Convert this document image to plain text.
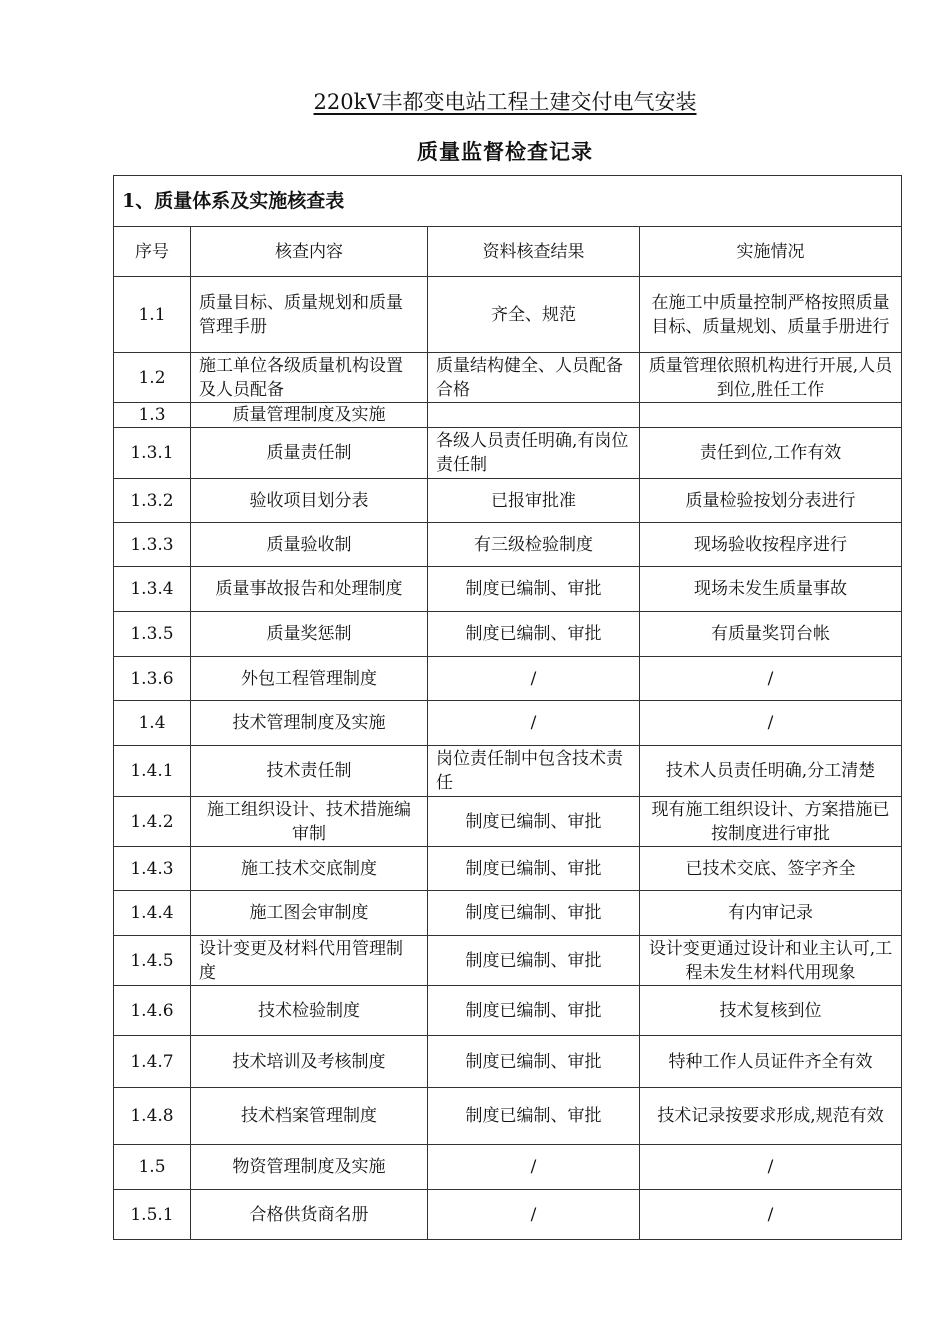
220kV丰都变电站工程土建交付电气安装
质量监督检查记录
1、质量体系及实施核查表			
序号	核查内容	资料核查结果	实施情况
1.1	质量目标、质量规划和质量管理手册	齐全、规范	在施工中质量控制严格按照质量目标、质量规划、质量手册进行
1.2	施工单位各级质量机构设置及人员配备	质量结构健全、人员配备合格	质量管理依照机构进行开展,人员到位,胜任工作
1.3	质量管理制度及实施		
1.3.1	质量责任制	各级人员责任明确,有岗位责任制	责任到位,工作有效
1.3.2	验收项目划分表	已报审批准	质量检验按划分表进行
1.3.3	质量验收制	有三级检验制度	现场验收按程序进行
1.3.4	质量事故报告和处理制度	制度已编制、审批	现场未发生质量事故
1.3.5	质量奖惩制	制度已编制、审批	有质量奖罚台帐
1.3.6	外包工程管理制度	/	/
1.4	技术管理制度及实施	/	/
1.4.1	技术责任制	岗位责任制中包含技术责任	技术人员责任明确,分工清楚
1.4.2	施工组织设计、技术措施编审制	制度已编制、审批	现有施工组织设计、方案措施已按制度进行审批
1.4.3	施工技术交底制度	制度已编制、审批	已技术交底、签字齐全
1.4.4	施工图会审制度	制度已编制、审批	有内审记录
1.4.5	设计变更及材料代用管理制度	制度已编制、审批	设计变更通过设计和业主认可,工程未发生材料代用现象
1.4.6	技术检验制度	制度已编制、审批	技术复核到位
1.4.7	技术培训及考核制度	制度已编制、审批	特种工作人员证件齐全有效
1.4.8	技术档案管理制度	制度已编制、审批	技术记录按要求形成,规范有效
1.5	物资管理制度及实施	/	/
1.5.1	合格供货商名册	/	/
